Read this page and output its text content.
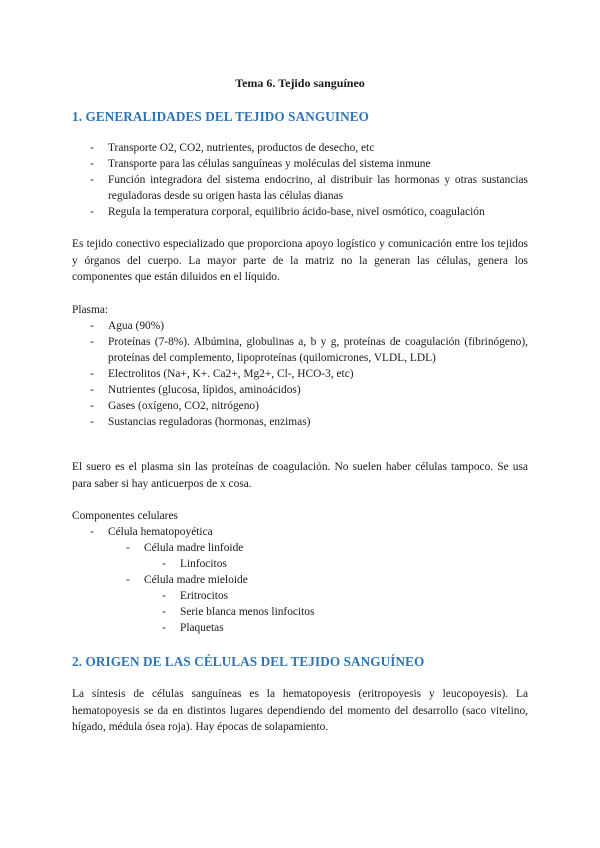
Tema 6. Tejido sanguíneo
1. GENERALIDADES DEL TEJIDO SANGUINEO
- Transporte O2, CO2, nutrientes, productos de desecho, etc
- Transporte para las células sanguíneas y moléculas del sistema inmune
- Función integradora del sistema endocrino, al distribuir las hormonas y otras sustancias reguladoras desde su origen hasta las células dianas
- Regula la temperatura corporal, equilibrio ácido-base, nivel osmótico, coagulación

Es tejido conectivo especializado que proporciona apoyo logístico y comunicación entre los tejidos y órganos del cuerpo. La mayor parte de la matriz no la generan las células, genera los componentes que están diluidos en el líquido.

Plasma:
- Agua (90%)
- Proteínas (7-8%). Albúmina, globulinas a, b y g, proteínas de coagulación (fibrinógeno), proteínas del complemento, lipoproteínas (quilomicrones, VLDL, LDL)
- Electrolitos (Na+, K+. Ca2+, Mg2+, Cl-, HCO-3, etc)
- Nutrientes (glucosa, lípidos, aminoácidos)
- Gases (oxígeno, CO2, nitrógeno)
- Sustancias reguladoras (hormonas, enzimas)

El suero es el plasma sin las proteínas de coagulación. No suelen haber células tampoco. Se usa para saber si hay anticuerpos de x cosa.

Componentes celulares
- Célula hematopoyética
- Célula madre linfoide
- Linfocitos
- Célula madre mieloide
- Eritrocitos
- Serie blanca menos linfocitos
- Plaquetas
2. ORIGEN DE LAS CÉLULAS DEL TEJIDO SANGUÍNEO

La síntesis de células sanguíneas es la hematopoyesis (eritropoyesis y leucopoyesis). La hematopoyesis se da en distintos lugares dependiendo del momento del desarrollo (saco vitelino, hígado, médula ósea roja). Hay épocas de solapamiento.
